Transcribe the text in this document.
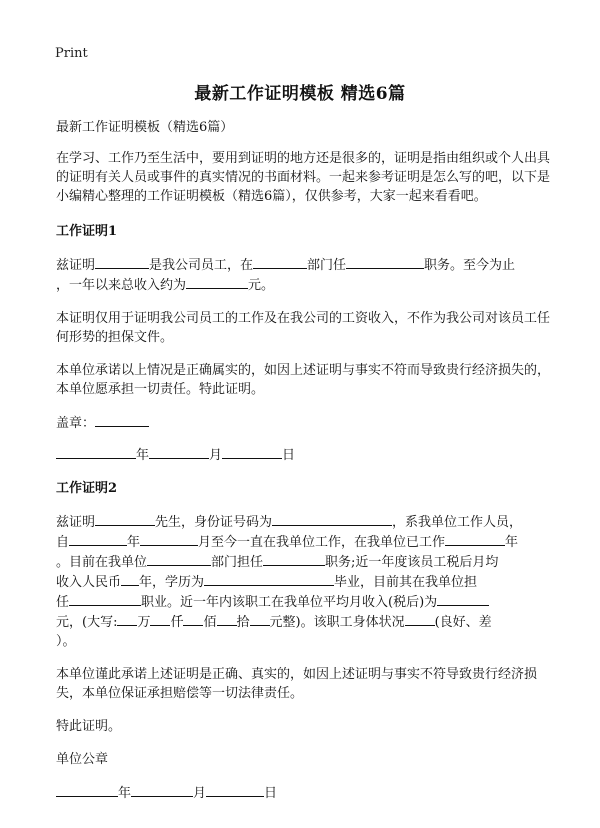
Print
最新工作证明模板 精选6篇

最新工作证明模板（精选6篇）

在学习、工作乃至生活中，要用到证明的地方还是很多的，证明是指由组织或个人出具的证明有关人员或事件的真实情况的书面材料。一起来参考证明是怎么写的吧，以下是小编精心整理的工作证明模板（精选6篇），仅供参考，大家一起来看看吧。

工作证明1

兹证明	是我公司员工，在	部门任	职务。至今为止
，一年以来总收入约为	元。

本证明仅用于证明我公司员工的工作及在我公司的工资收入，不作为我公司对该员工任何形势的担保文件。

本单位承诺以上情况是正确属实的，如因上述证明与事实不符而导致贵行经济损失的，本单位愿承担一切责任。特此证明。

盖章：

年	月	日

工作证明2

兹证明	先生，身份证号码为	，系我单位工作人员，
自	年	月至今一直在我单位工作，在我单位已工作	年
。目前在我单位	部门担任	职务;近一年度该员工税后月均
收入人民币 年，学历为	毕业，目前其在我单位担
任	职业。近一年内该职工在我单位平均月收入(税后)为
元，(大写: 万 仟 佰 拾 元整)。该职工身体状况 (良好、差
）。

本单位谨此承诺上述证明是正确、真实的，如因上述证明与事实不符导致贵行经济损失，本单位保证承担赔偿等一切法律责任。

特此证明。

单位公章

年	月	日
